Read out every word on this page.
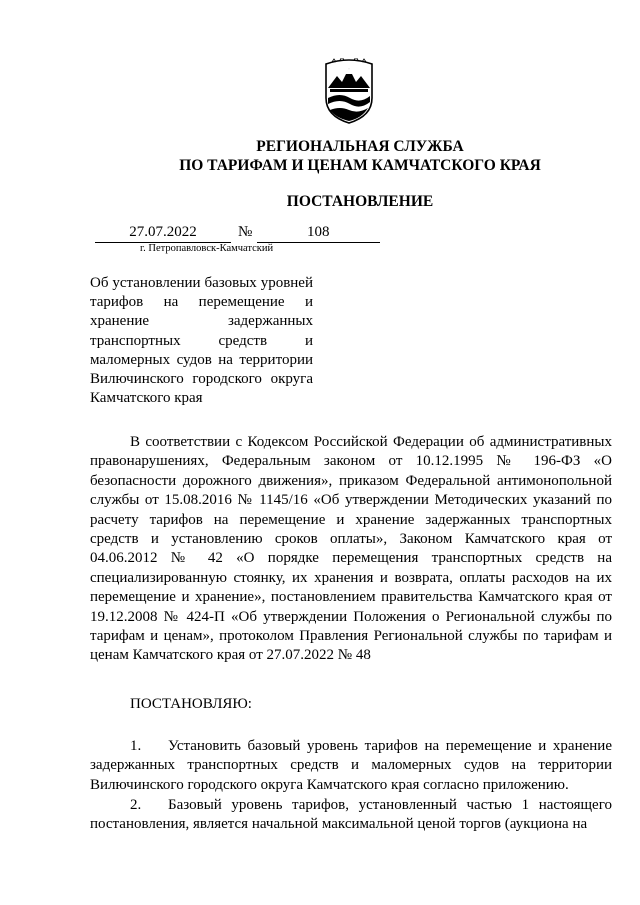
РЕГИОНАЛЬНАЯ СЛУЖБА
ПО ТАРИФАМ И ЦЕНАМ КАМЧАТСКОГО КРАЯ
ПОСТАНОВЛЕНИЕ
27.07.2022	№	108
г. Петропавловск-Камчатский
Об установлении базовых уровней тарифов на перемещение и хранение задержанных транспортных средств и маломерных судов на территории Вилючинского городского округа Камчатского края
В соответствии с Кодексом Российской Федерации об административных правонарушениях, Федеральным законом от 10.12.1995 № 196-ФЗ «О безопасности дорожного движения», приказом Федеральной антимонопольной службы от 15.08.2016 № 1145/16 «Об утверждении Методических указаний по расчету тарифов на перемещение и хранение задержанных транспортных средств и установлению сроков оплаты», Законом Камчатского края от 04.06.2012 № 42 «О порядке перемещения транспортных средств на специализированную стоянку, их хранения и возврата, оплаты расходов на их перемещение и хранение», постановлением правительства Камчатского края от 19.12.2008 № 424-П «Об утверждении Положения о Региональной службы по тарифам и ценам», протоколом Правления Региональной службы по тарифам и ценам Камчатского края от 27.07.2022 № 48
ПОСТАНОВЛЯЮ:
1. Установить базовый уровень тарифов на перемещение и хранение задержанных транспортных средств и маломерных судов на территории Вилючинского городского округа Камчатского края согласно приложению.
2. Базовый уровень тарифов, установленный частью 1 настоящего постановления, является начальной максимальной ценой торгов (аукциона на
